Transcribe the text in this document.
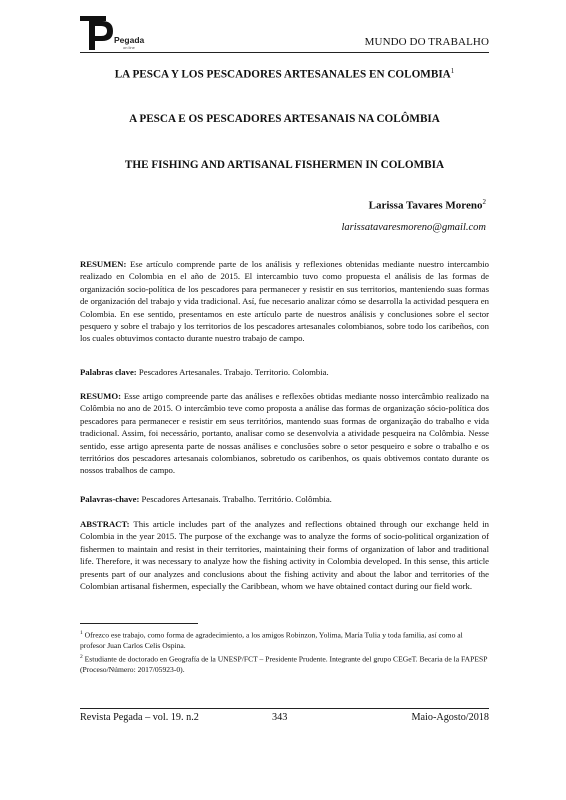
Pegada
on line	MUNDO DO TRABALHO
LA PESCA Y LOS PESCADORES ARTESANALES EN COLOMBIA$^1$
A PESCA E OS PESCADORES ARTESANAIS NA COLÔMBIA
THE FISHING AND ARTISANAL FISHERMEN IN COLOMBIA
Larissa Tavares Moreno$^2$
larissatavaresmoreno@gmail.com

RESUMEN: Ese artículo comprende parte de los análisis y reflexiones obtenidas mediante nuestro intercambio realizado en Colombia en el año de 2015. El intercambio tuvo como propuesta el análisis de las formas de organización socio-política de los pescadores para permanecer y resistir en sus territorios, manteniendo suas formas de organización del trabajo y vida tradicional. Así, fue necesario analizar cómo se desarrolla la actividad pesquera en Colombia. En ese sentido, presentamos en este artículo parte de nuestros análisis y conclusiones sobre el sector pesquero y sobre el trabajo y los territorios de los pescadores artesanales colombianos, sobre todo los caribeños, con los cuales obtuvimos contacto durante nuestro trabajo de campo.

Palabras clave: Pescadores Artesanales. Trabajo. Territorio. Colombia.

RESUMO: Esse artigo compreende parte das análises e reflexões obtidas mediante nosso intercâmbio realizado na Colômbia no ano de 2015. O intercâmbio teve como proposta a análise das formas de organização sócio-política dos pescadores para permanecer e resistir em seus territórios, mantendo suas formas de organização do trabalho e vida tradicional. Assim, foi necessário, portanto, analisar como se desenvolvia a atividade pesqueira na Colômbia. Nesse sentido, esse artigo apresenta parte de nossas análises e conclusões sobre o setor pesqueiro e sobre o trabalho e os territórios dos pescadores artesanais colombianos, sobretudo os caribenhos, os quais obtivemos contato durante os nossos trabalhos de campo.

Palavras-chave: Pescadores Artesanais. Trabalho. Território. Colômbia.

ABSTRACT: This article includes part of the analyzes and reflections obtained through our exchange held in Colombia in the year 2015. The purpose of the exchange was to analyze the forms of socio-political organization of fishermen to maintain and resist in their territories, maintaining their forms of organization of labor and traditional life. Therefore, it was necessary to analyze how the fishing activity in Colombia developed. In this sense, this article presents part of our analyzes and conclusions about the fishing activity and about the labor and territories of the Colombian artisanal fishermen, especially the Caribbean, whom we have obtained contact during our field work.

$^1$ Ofrezco ese trabajo, como forma de agradecimiento, a los amigos Robinzon, Yolima, María Tulia y toda familia, así como al profesor Juan Carlos Celis Ospina.

$^2$ Estudiante de doctorado en Geografía de la UNESP/FCT – Presidente Prudente. Integrante del grupo CEGeT. Becaria de la FAPESP (Proceso/Número: 2017/05923-0).

Revista Pegada – vol. 19. n.2	343	Maio-Agosto/2018
